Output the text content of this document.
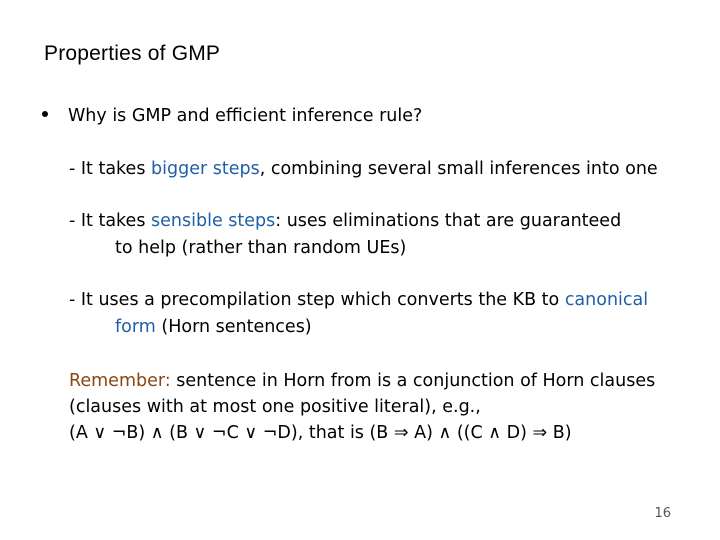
Properties of GMP
Why is GMP and efficient inference rule?
- It takes bigger steps, combining several small inferences into one
- It takes sensible steps: uses eliminations that are guaranteed
to help (rather than random UEs)
- It uses a precompilation step which converts the KB to canonical
form (Horn sentences)
Remember: sentence in Horn from is a conjunction of Horn clauses
(clauses with at most one positive literal), e.g.,
(A ∨ ¬B) ∧ (B ∨ ¬C ∨ ¬D), that is (B ⇒ A) ∧ ((C ∧ D) ⇒ B)
16
